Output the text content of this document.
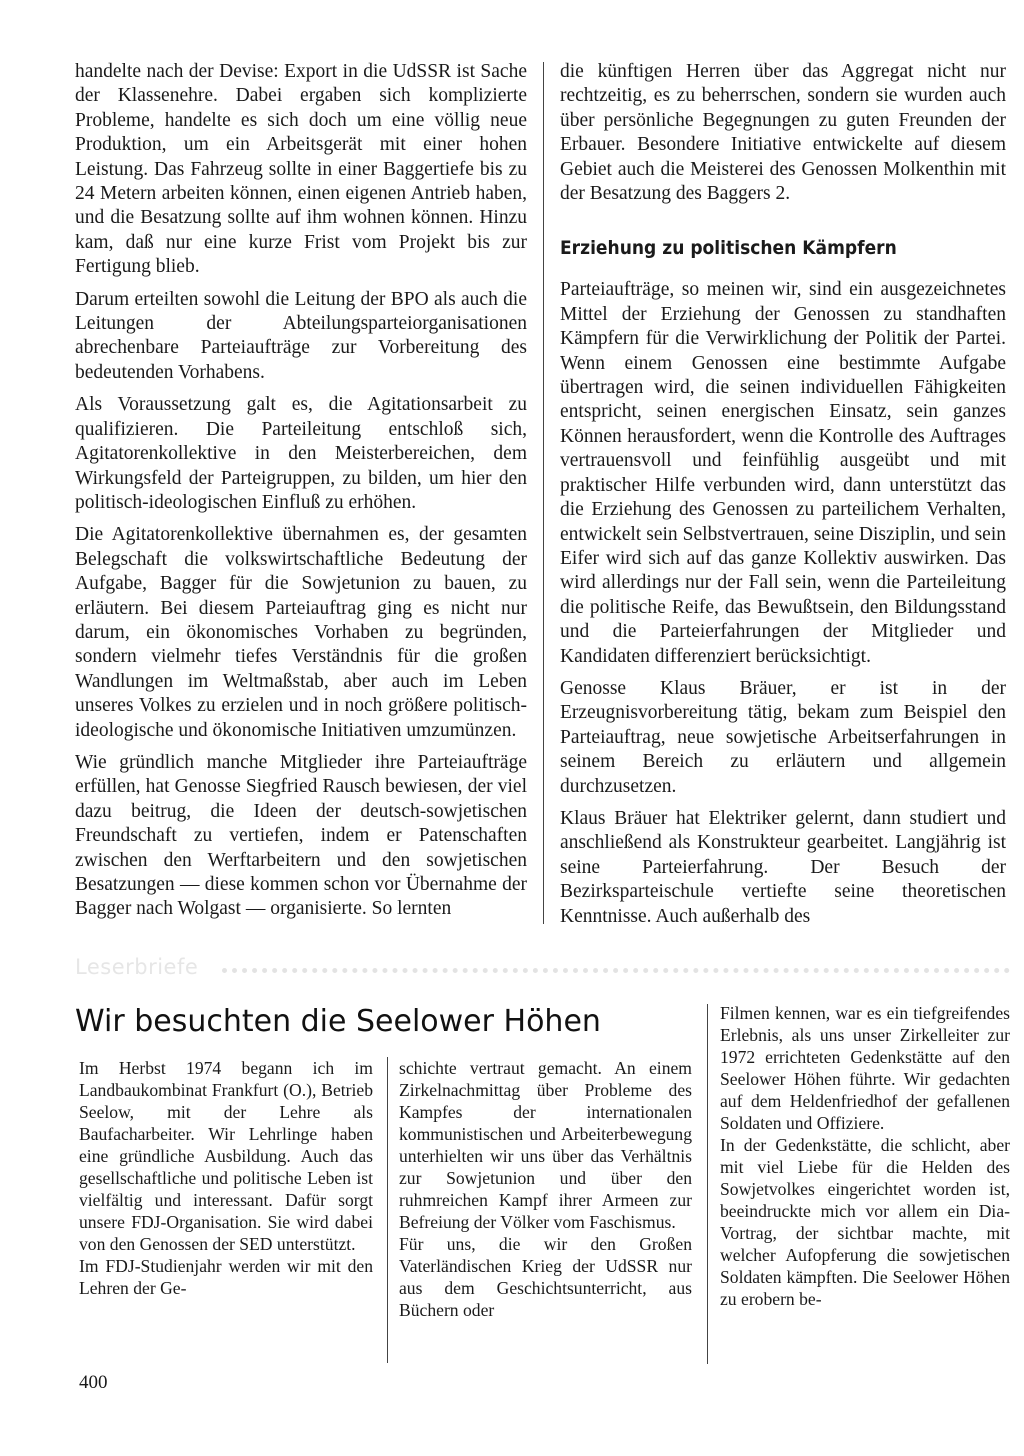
handelte nach der Devise: Export in die UdSSR ist Sache der Klassenehre. Dabei ergaben sich komplizierte Probleme, handelte es sich doch um eine völlig neue Produktion, um ein Arbeitsgerät mit einer hohen Leistung. Das Fahrzeug sollte in einer Baggertiefe bis zu 24 Metern arbeiten können, einen eigenen Antrieb haben, und die Besatzung sollte auf ihm wohnen können. Hinzu kam, daß nur eine kurze Frist vom Projekt bis zur Fertigung blieb.

Darum erteilten sowohl die Leitung der BPO als auch die Leitungen der Abteilungsparteiorganisationen abrechenbare Parteiaufträge zur Vorbereitung des bedeutenden Vorhabens.

Als Voraussetzung galt es, die Agitationsarbeit zu qualifizieren. Die Parteileitung entschloß sich, Agitatorenkollektive in den Meisterbereichen, dem Wirkungsfeld der Parteigruppen, zu bilden, um hier den politisch-ideologischen Einfluß zu erhöhen.

Die Agitatorenkollektive übernahmen es, der gesamten Belegschaft die volkswirtschaftliche Bedeutung der Aufgabe, Bagger für die Sowjetunion zu bauen, zu erläutern. Bei diesem Parteiauftrag ging es nicht nur darum, ein ökonomisches Vorhaben zu begründen, sondern vielmehr tiefes Verständnis für die großen Wandlungen im Weltmaßstab, aber auch im Leben unseres Volkes zu erzielen und in noch größere politisch-ideologische und ökonomische Initiativen umzumünzen.

Wie gründlich manche Mitglieder ihre Parteiaufträge erfüllen, hat Genosse Siegfried Rausch bewiesen, der viel dazu beitrug, die Ideen der deutsch-sowjetischen Freundschaft zu vertiefen, indem er Patenschaften zwischen den Werftarbeitern und den sowjetischen Besatzungen — diese kommen schon vor Übernahme der Bagger nach Wolgast — organisierte. So lernten

die künftigen Herren über das Aggregat nicht nur rechtzeitig, es zu beherrschen, sondern sie wurden auch über persönliche Begegnungen zu guten Freunden der Erbauer. Besondere Initiative entwickelte auf diesem Gebiet auch die Meisterei des Genossen Molkenthin mit der Besatzung des Baggers 2.

Erziehung zu politischen Kämpfern

Parteiaufträge, so meinen wir, sind ein ausgezeichnetes Mittel der Erziehung der Genossen zu standhaften Kämpfern für die Verwirklichung der Politik der Partei. Wenn einem Genossen eine bestimmte Aufgabe übertragen wird, die seinen individuellen Fähigkeiten entspricht, seinen energischen Einsatz, sein ganzes Können herausfordert, wenn die Kontrolle des Auftrages vertrauensvoll und feinfühlig ausgeübt und mit praktischer Hilfe verbunden wird, dann unterstützt das die Erziehung des Genossen zu parteilichem Verhalten, entwickelt sein Selbstvertrauen, seine Disziplin, und sein Eifer wird sich auf das ganze Kollektiv auswirken. Das wird allerdings nur der Fall sein, wenn die Parteileitung die politische Reife, das Bewußtsein, den Bildungsstand und die Parteierfahrungen der Mitglieder und Kandidaten differenziert berücksichtigt.

Genosse Klaus Bräuer, er ist in der Erzeugnisvorbereitung tätig, bekam zum Beispiel den Parteiauftrag, neue sowjetische Arbeitserfahrungen in seinem Bereich zu erläutern und allgemein durchzusetzen.

Klaus Bräuer hat Elektriker gelernt, dann studiert und anschließend als Konstrukteur gearbeitet. Langjährig ist seine Parteierfahrung. Der Besuch der Bezirksparteischule vertiefte seine theoretischen Kenntnisse. Auch außerhalb des

Leserbriefe
Wir besuchten die Seelower Höhen

Im Herbst 1974 begann ich im Landbaukombinat Frankfurt (O.), Betrieb Seelow, mit der Lehre als Baufacharbeiter. Wir Lehrlinge haben eine gründliche Ausbildung. Auch das gesellschaftliche und politische Leben ist vielfältig und interessant. Dafür sorgt unsere FDJ-Organisation. Sie wird dabei von den Genossen der SED unterstützt.

Im FDJ-Studienjahr werden wir mit den Lehren der Ge-

schichte vertraut gemacht. An einem Zirkelnachmittag über Probleme des Kampfes der internationalen kommunistischen und Arbeiterbewegung unterhielten wir uns über das Verhältnis zur Sowjetunion und über den ruhmreichen Kampf ihrer Armeen zur Befreiung der Völker vom Faschismus.

Für uns, die wir den Großen Vaterländischen Krieg der UdSSR nur aus dem Geschichtsunterricht, aus Büchern oder

Filmen kennen, war es ein tiefgreifendes Erlebnis, als uns unser Zirkelleiter zur 1972 errichteten Gedenkstätte auf den Seelower Höhen führte. Wir gedachten auf dem Heldenfriedhof der gefallenen Soldaten und Offiziere.

In der Gedenkstätte, die schlicht, aber mit viel Liebe für die Helden des Sowjetvolkes eingerichtet worden ist, beeindruckte mich vor allem ein Dia-Vortrag, der sichtbar machte, mit welcher Aufopferung die sowjetischen Soldaten kämpften. Die Seelower Höhen zu erobern be-

400
